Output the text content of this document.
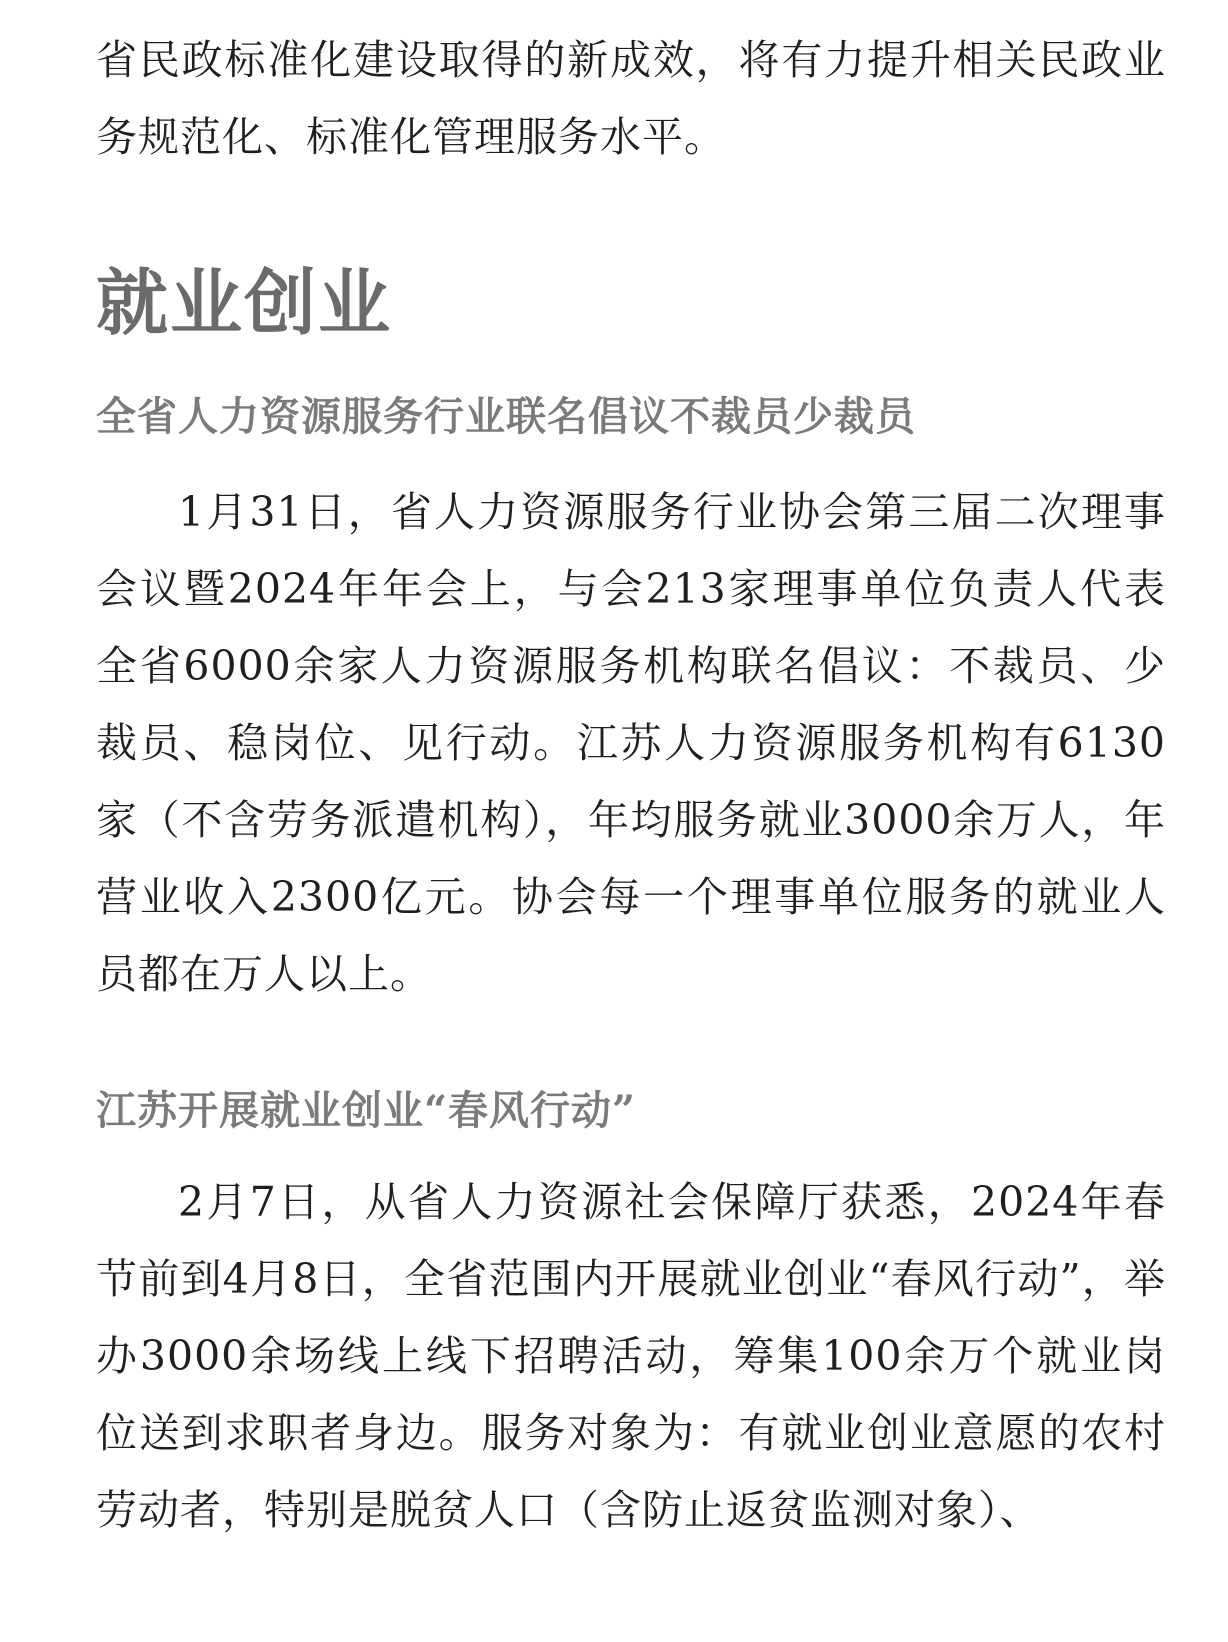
省民政标准化建设取得的新成效，将有力提升相关民政业务规范化、标准化管理服务水平。

就业创业
全省人力资源服务行业联名倡议不裁员少裁员

1月31日，省人力资源服务行业协会第三届二次理事会议暨2024年年会上，与会213家理事单位负责人代表全省6000余家人力资源服务机构联名倡议：不裁员、少裁员、稳岗位、见行动。江苏人力资源服务机构有6130家（不含劳务派遣机构），年均服务就业3000余万人，年营业收入2300亿元。协会每一个理事单位服务的就业人员都在万人以上。

江苏开展就业创业“春风行动”

2月7日，从省人力资源社会保障厅获悉，2024年春节前到4月8日，全省范围内开展就业创业“春风行动”，举办3000余场线上线下招聘活动，筹集100余万个就业岗位送到求职者身边。服务对象为：有就业创业意愿的农村劳动者，特别是脱贫人口（含防止返贫监测对象）、
